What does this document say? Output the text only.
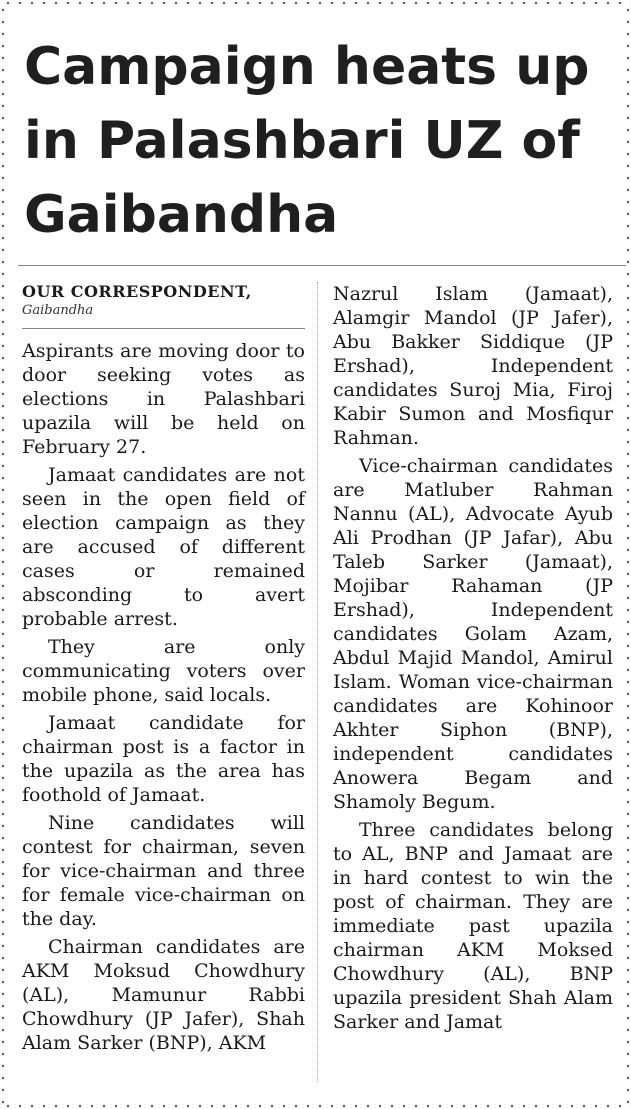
Campaign heats up in Palashbari UZ of Gaibandha
OUR CORRESPONDENT,
Gaibandha

Aspirants are moving door to door seeking votes as elections in Palashbari upazila will be held on February 27.

Jamaat candidates are not seen in the open field of election campaign as they are accused of different cases or remained absconding to avert probable arrest.

They are only communicating voters over mobile phone, said locals.

Jamaat candidate for chairman post is a factor in the upazila as the area has foothold of Jamaat.

Nine candidates will contest for chairman, seven for vice-chairman and three for female vice-chairman on the day.

Chairman candidates are AKM Moksud Chowdhury (AL), Mamunur Rabbi Chowdhury (JP Jafer), Shah Alam Sarker (BNP), AKM

Nazrul Islam (Jamaat), Alamgir Mandol (JP Jafer), Abu Bakker Siddique (JP Ershad), Independent candidates Suroj Mia, Firoj Kabir Sumon and Mosfiqur Rahman.

Vice-chairman candidates are Matluber Rahman Nannu (AL), Advocate Ayub Ali Prodhan (JP Jafar), Abu Taleb Sarker (Jamaat), Mojibar Rahaman (JP Ershad), Independent candidates Golam Azam, Abdul Majid Mandol, Amirul Islam. Woman vice-chairman candidates are Kohinoor Akhter Siphon (BNP), independent candidates Anowera Begam and Shamoly Begum.

Three candidates belong to AL, BNP and Jamaat are in hard contest to win the post of chairman. They are immediate past upazila chairman AKM Moksed Chowdhury (AL), BNP upazila president Shah Alam Sarker and Jamat
